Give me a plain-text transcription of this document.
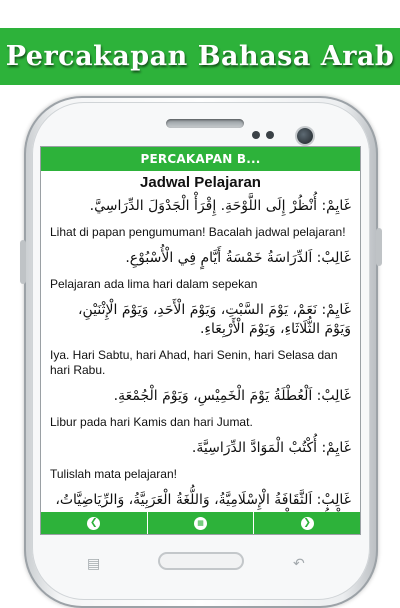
Percakapan Bahasa Arab
PERCAKAPAN B...
Jadwal Pelajaran
غَايِمْ: أُنْظُرْ إِلَى اللَّوْحَةِ. إِقْرَأْ الْجَدْوَلَ الدِّرَاسِيَّ.
Lihat di papan pengumuman! Bacalah jadwal pelajaran!
غَالِبْ: اَلدِّرَاسَةُ خَمْسَةُ أَيَّامٍ فِي الْأُسْبُوْعِ.
Pelajaran ada lima hari dalam sepekan
غَايِمْ: نَعَمْ، يَوْمَ السَّبْتِ، وَيَوْمَ الْأَحَدِ، وَيَوْمَ الْإِثْنَيْنِ، وَيَوْمَ الثُّلَاثَاءِ، وَيَوْمَ الْأَرْبِعَاءِ.
Iya. Hari Sabtu, hari Ahad, hari Senin, hari Selasa dan hari Rabu.
غَالِبْ: اَلْعُطْلَةُ يَوْمَ الْخَمِيْسِ، وَيَوْمَ الْجُمْعَةِ.
Libur pada hari Kamis dan hari Jumat.
غَايِمْ: أُكْتُبْ الْمَوَادَّ الدِّرَاسِيَّةَ.
Tulislah mata pelajaran!
غَالِبْ: اَلثَّقَافَةُ الْإِسْلَامِيَّةُ، وَاللُّغَةُ الْعَرَبِيَّةُ، وَالرِّيَاضِيَّاتُ،
❮	▦	❯
▤	↶
